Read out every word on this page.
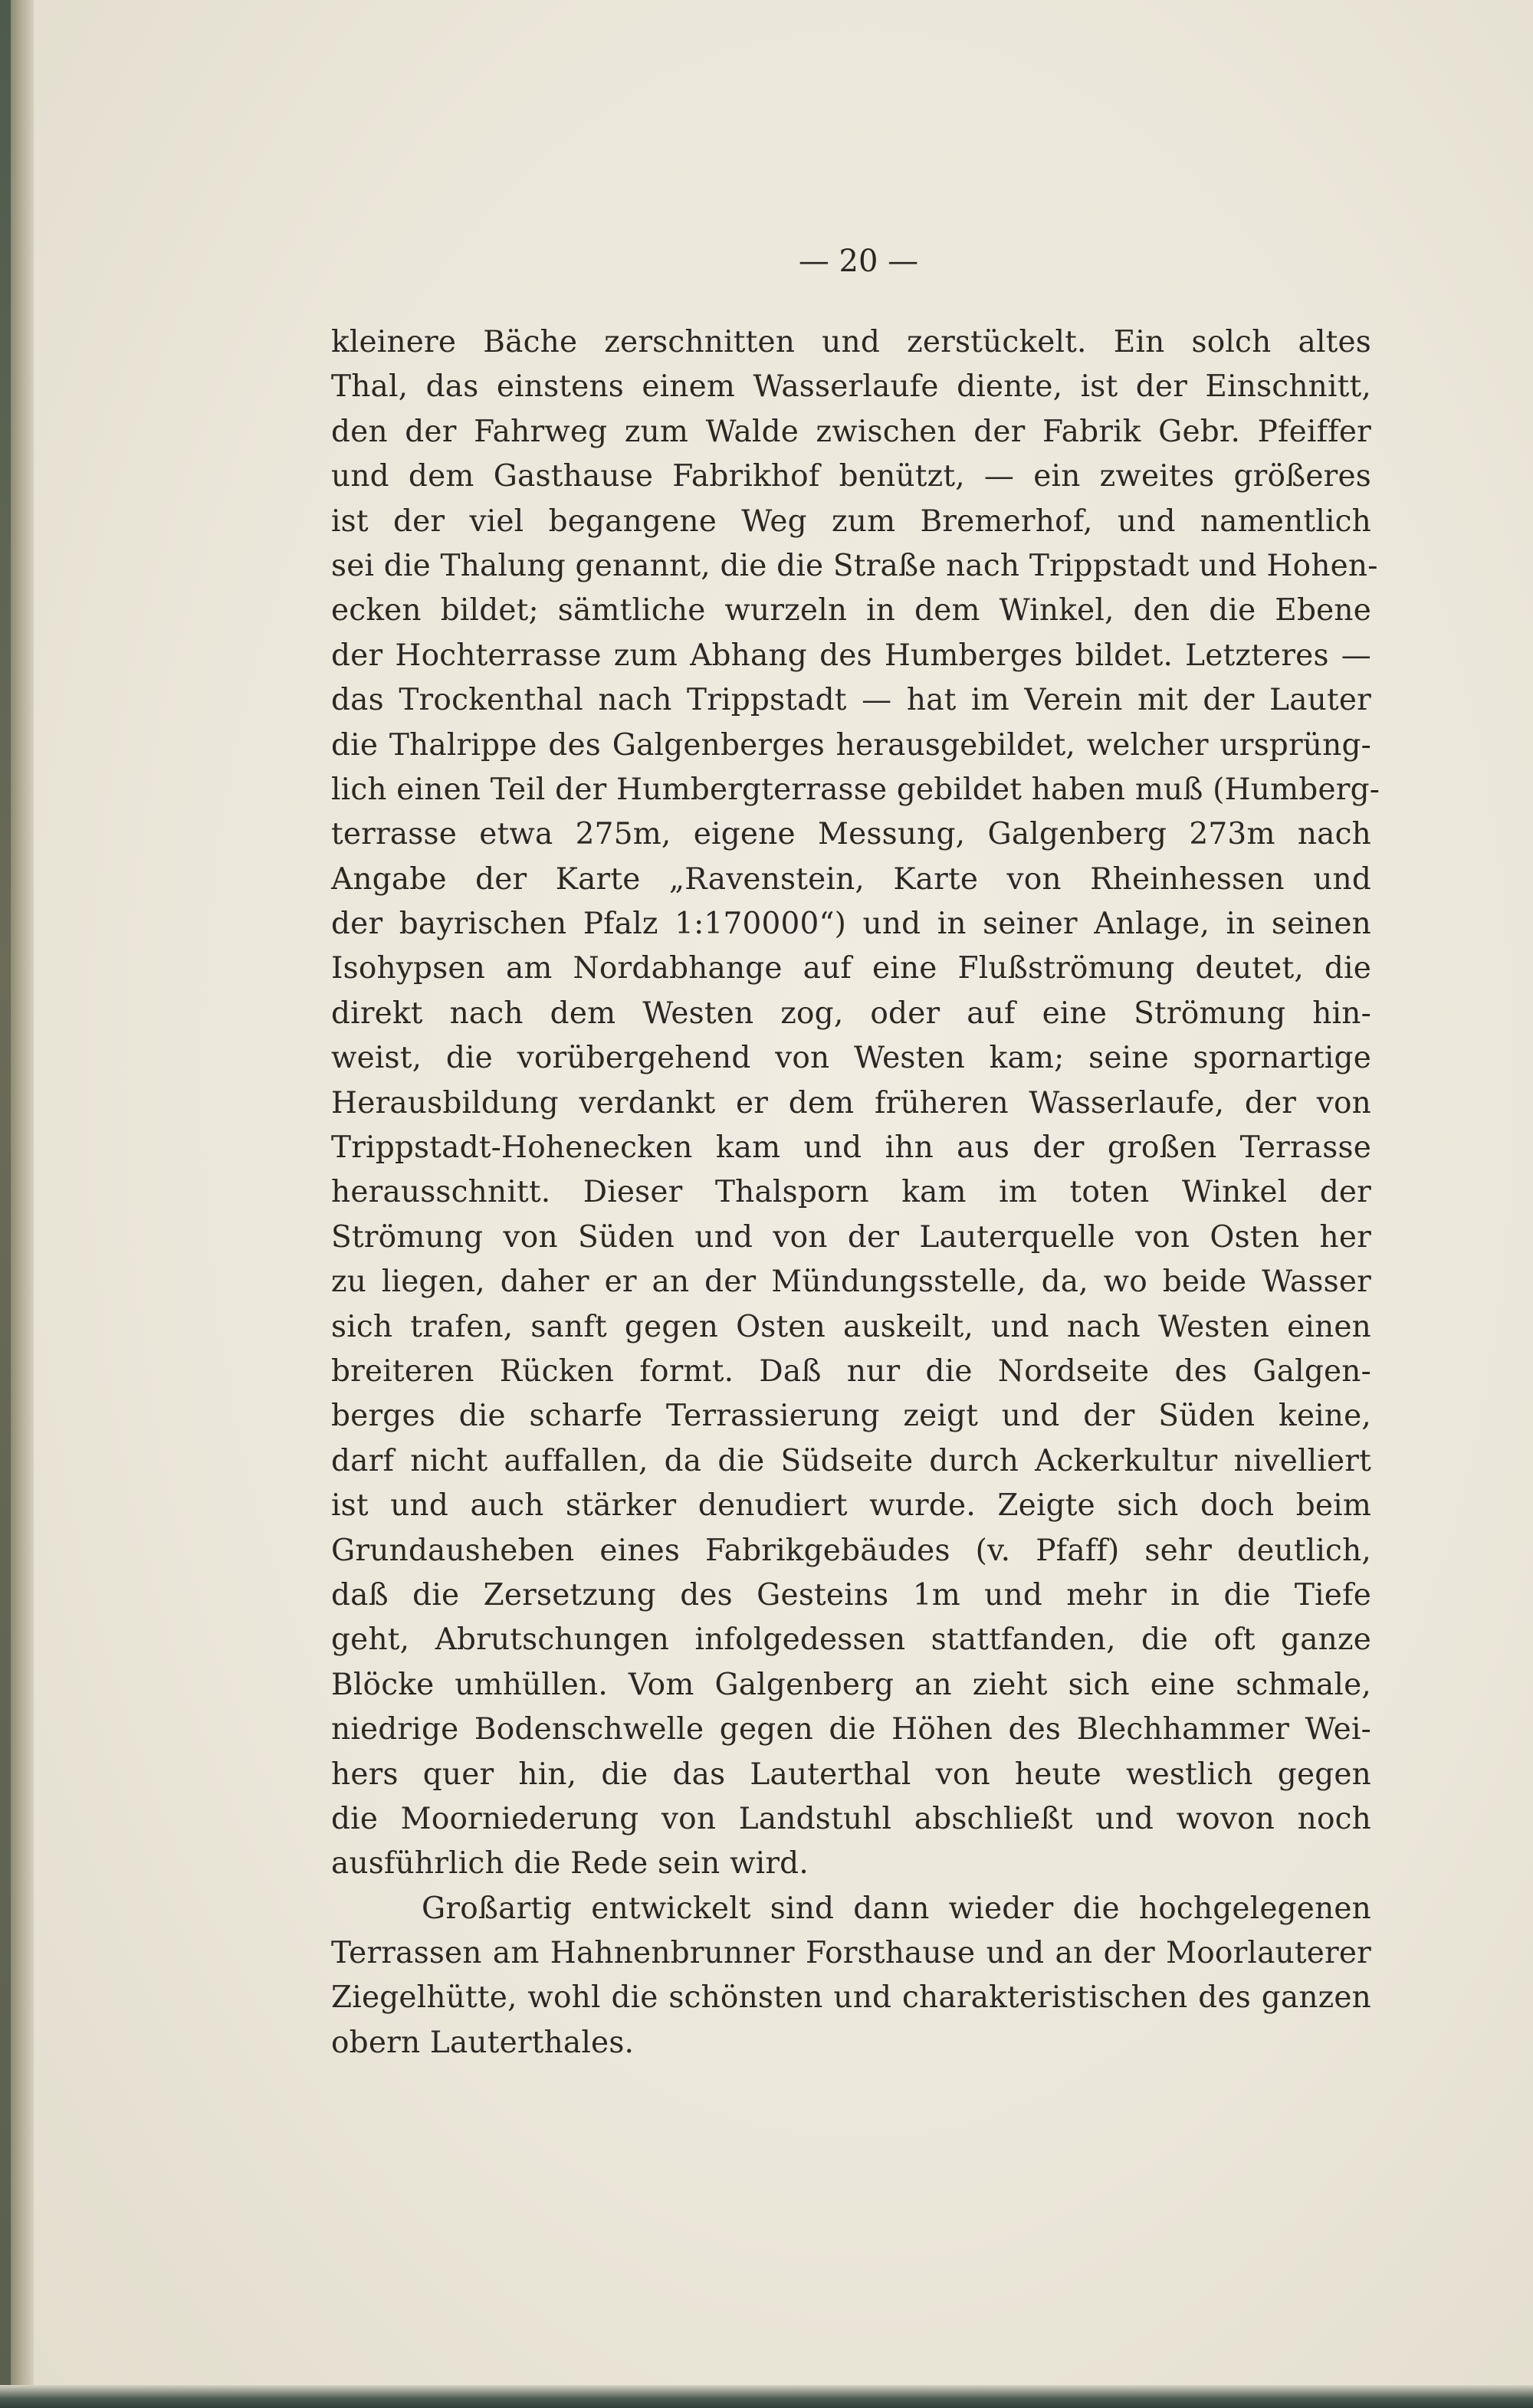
— 20 —

kleinere Bäche zerschnitten und zerstückelt. Ein solch altes
Thal, das einstens einem Wasserlaufe diente, ist der Einschnitt,
den der Fahrweg zum Walde zwischen der Fabrik Gebr. Pfeiffer
und dem Gasthause Fabrikhof benützt, — ein zweites größeres
ist der viel begangene Weg zum Bremerhof, und namentlich
sei die Thalung genannt, die die Straße nach Trippstadt und Hohen-
ecken bildet; sämtliche wurzeln in dem Winkel, den die Ebene
der Hochterrasse zum Abhang des Humberges bildet. Letzteres —
das Trockenthal nach Trippstadt — hat im Verein mit der Lauter
die Thalrippe des Galgenberges herausgebildet, welcher ursprüng-
lich einen Teil der Humbergterrasse gebildet haben muß (Humberg-
terrasse etwa 275m, eigene Messung, Galgenberg 273m nach
Angabe der Karte „Ravenstein, Karte von Rheinhessen und
der bayrischen Pfalz 1:170000“) und in seiner Anlage, in seinen
Isohypsen am Nordabhange auf eine Flußströmung deutet, die
direkt nach dem Westen zog, oder auf eine Strömung hin-
weist, die vorübergehend von Westen kam; seine spornartige
Herausbildung verdankt er dem früheren Wasserlaufe, der von
Trippstadt-Hohenecken kam und ihn aus der großen Terrasse
herausschnitt. Dieser Thalsporn kam im toten Winkel der
Strömung von Süden und von der Lauterquelle von Osten her
zu liegen, daher er an der Mündungsstelle, da, wo beide Wasser
sich trafen, sanft gegen Osten auskeilt, und nach Westen einen
breiteren Rücken formt. Daß nur die Nordseite des Galgen-
berges die scharfe Terrassierung zeigt und der Süden keine,
darf nicht auffallen, da die Südseite durch Ackerkultur nivelliert
ist und auch stärker denudiert wurde. Zeigte sich doch beim
Grundausheben eines Fabrikgebäudes (v. Pfaff) sehr deutlich,
daß die Zersetzung des Gesteins 1m und mehr in die Tiefe
geht, Abrutschungen infolgedessen stattfanden, die oft ganze
Blöcke umhüllen. Vom Galgenberg an zieht sich eine schmale,
niedrige Bodenschwelle gegen die Höhen des Blechhammer Wei-
hers quer hin, die das Lauterthal von heute westlich gegen
die Moorniederung von Landstuhl abschließt und wovon noch
ausführlich die Rede sein wird.
Großartig entwickelt sind dann wieder die hochgelegenen
Terrassen am Hahnenbrunner Forsthause und an der Moorlauterer
Ziegelhütte, wohl die schönsten und charakteristischen des ganzen
obern Lauterthales.
